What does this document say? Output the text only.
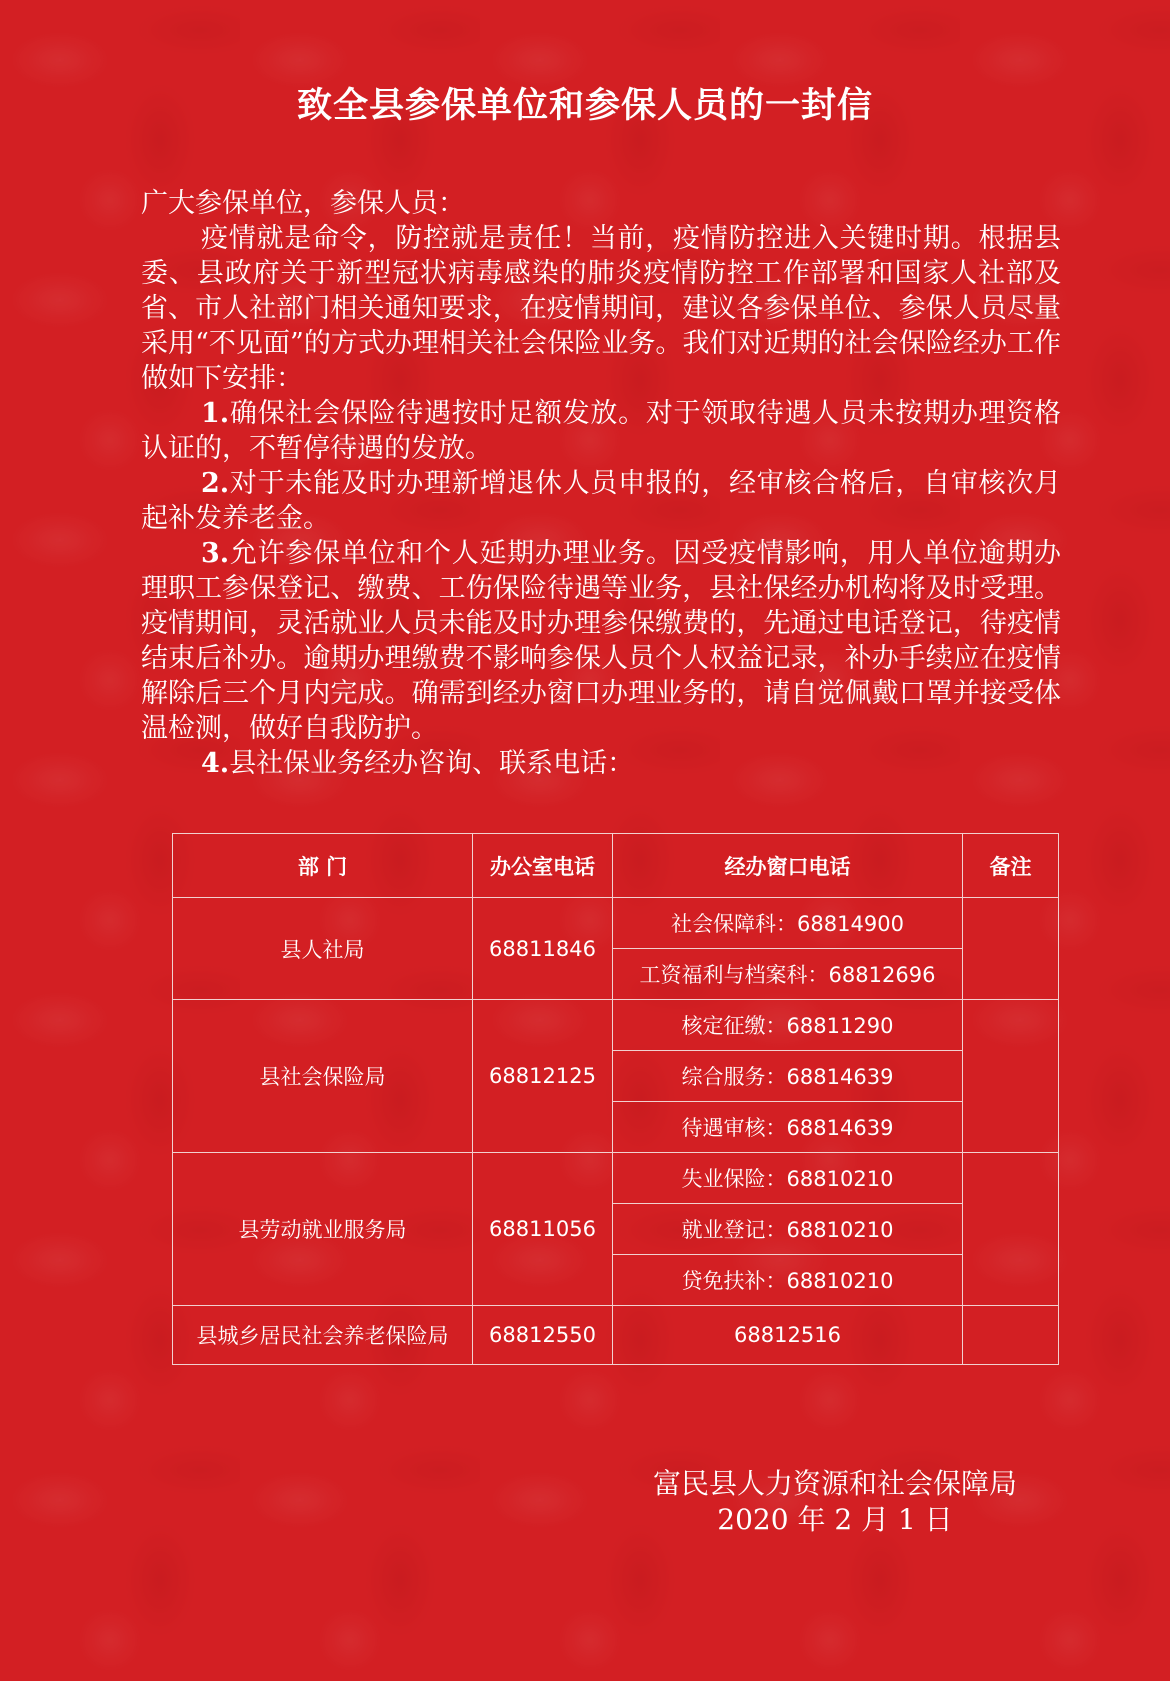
致全县参保单位和参保人员的一封信

广大参保单位，参保人员：

疫情就是命令，防控就是责任！当前，疫情防控进入关键时期。根据县委、县政府关于新型冠状病毒感染的肺炎疫情防控工作部署和国家人社部及省、市人社部门相关通知要求，在疫情期间，建议各参保单位、参保人员尽量采用“不见面”的方式办理相关社会保险业务。我们对近期的社会保险经办工作做如下安排：

1.确保社会保险待遇按时足额发放。对于领取待遇人员未按期办理资格认证的，不暂停待遇的发放。

2.对于未能及时办理新增退休人员申报的，经审核合格后，自审核次月起补发养老金。

3.允许参保单位和个人延期办理业务。因受疫情影响，用人单位逾期办理职工参保登记、缴费、工伤保险待遇等业务，县社保经办机构将及时受理。疫情期间，灵活就业人员未能及时办理参保缴费的，先通过电话登记，待疫情结束后补办。逾期办理缴费不影响参保人员个人权益记录，补办手续应在疫情解除后三个月内完成。确需到经办窗口办理业务的，请自觉佩戴口罩并接受体温检测，做好自我防护。

4.县社保业务经办咨询、联系电话：

部 门	办公室电话	经办窗口电话	备注
县人社局	68811846	社会保障科：68814900	
		工资福利与档案科：68812696	
县社会保险局	68812125	核定征缴：68811290	
		综合服务：68814639	
		待遇审核：68814639	
县劳动就业服务局	68811056	失业保险：68810210	
		就业登记：68810210	
		贷免扶补：68810210	
县城乡居民社会养老保险局	68812550	68812516	
富民县人力资源和社会保障局
2020 年 2 月 1 日
